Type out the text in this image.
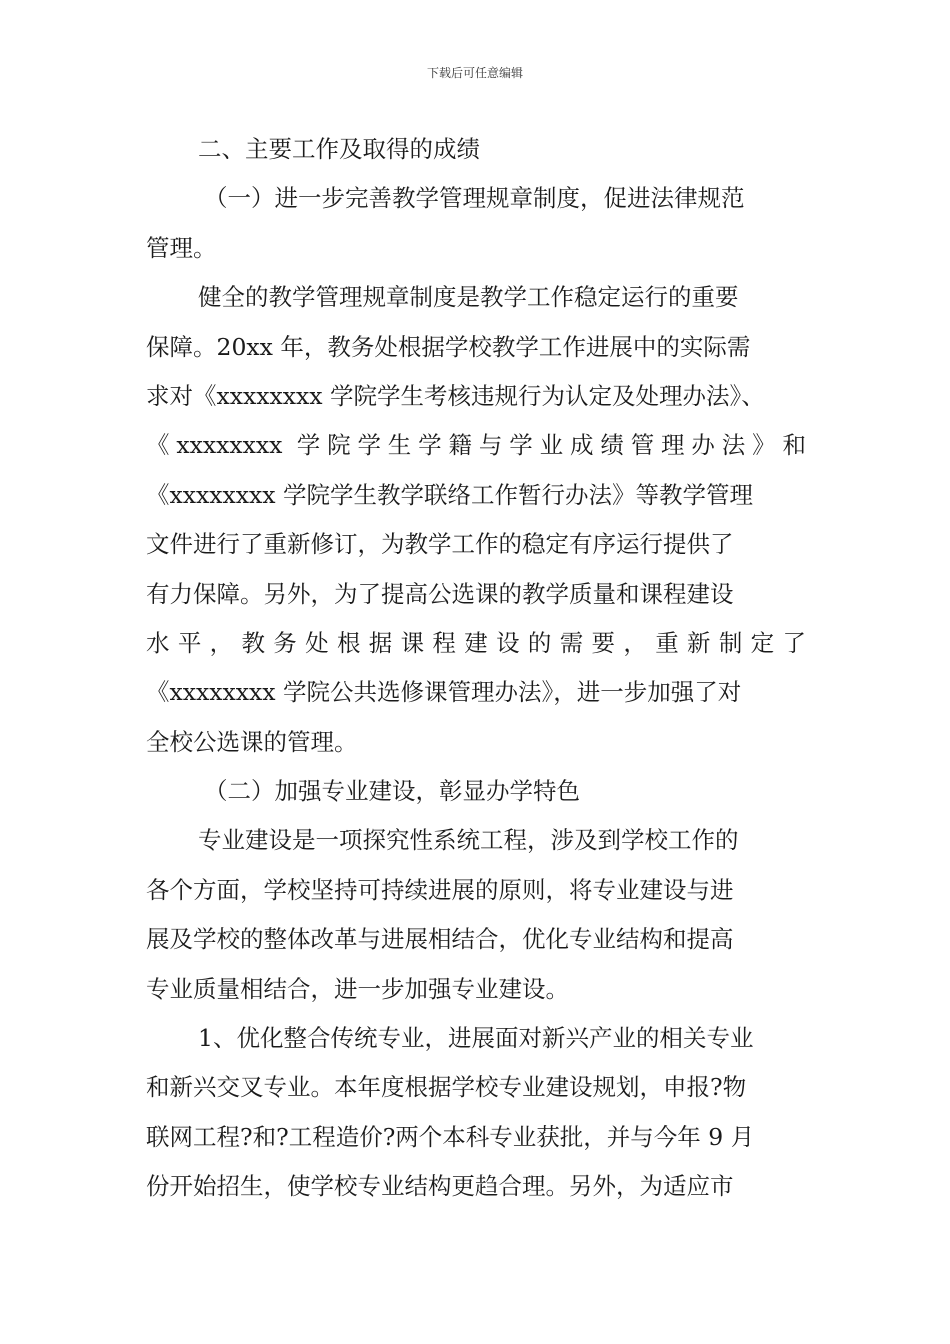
下载后可任意编辑
二、主要工作及取得的成绩
（一）进一步完善教学管理规章制度，促进法律规范
管理。
健全的教学管理规章制度是教学工作稳定运行的重要
保障。20xx 年，教务处根据学校教学工作进展中的实际需
求对《xxxxxxxx 学院学生考核违规行为认定及处理办法》、
《xxxxxxxx 学院学生学籍与学业成绩管理办法》和
《xxxxxxxx 学院学生教学联络工作暂行办法》等教学管理
文件进行了重新修订，为教学工作的稳定有序运行提供了
有力保障。另外，为了提高公选课的教学质量和课程建设
水平，教务处根据课程建设的需要，重新制定了
《xxxxxxxx 学院公共选修课管理办法》，进一步加强了对
全校公选课的管理。
（二）加强专业建设，彰显办学特色
专业建设是一项探究性系统工程，涉及到学校工作的
各个方面，学校坚持可持续进展的原则，将专业建设与进
展及学校的整体改革与进展相结合，优化专业结构和提高
专业质量相结合，进一步加强专业建设。
1、优化整合传统专业，进展面对新兴产业的相关专业
和新兴交叉专业。本年度根据学校专业建设规划，申报?物
联网工程?和?工程造价?两个本科专业获批，并与今年 9 月
份开始招生，使学校专业结构更趋合理。另外，为适应市
